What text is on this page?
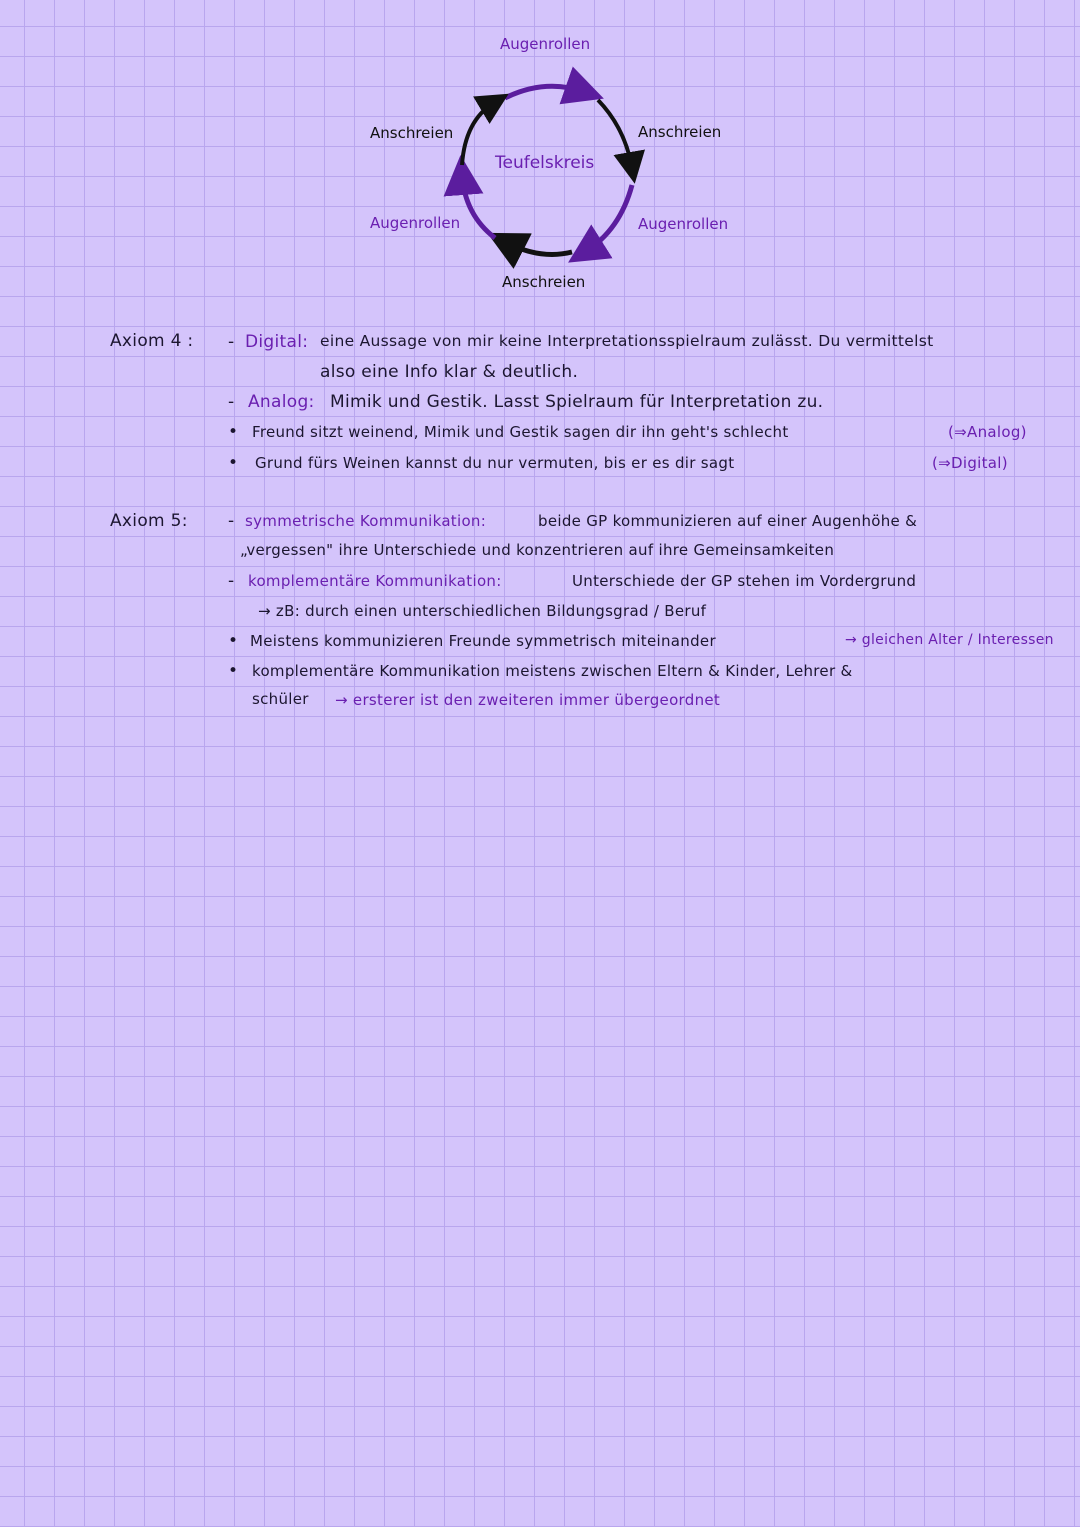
Augenrollen
Anschreien
Augenrollen
Anschreien
Augenrollen
Anschreien
Teufelskreis
Axiom 4 : - Digital: eine Aussage von mir keine Interpretationsspielraum zulässt. Du vermittelst
also eine Info klar & deutlich.
- Analog: Mimik und Gestik. Lasst Spielraum für Interpretation zu.
• Freund sitzt weinend, Mimik und Gestik sagen dir ihn geht's schlecht	(⇒Analog)
• Grund fürs Weinen kannst du nur vermuten, bis er es dir sagt	(⇒Digital)
Axiom 5: - symmetrische Kommunikation:	beide GP kommunizieren auf einer Augenhöhe &
„vergessen" ihre Unterschiede und konzentrieren auf ihre Gemeinsamkeiten
- komplementäre Kommunikation:	Unterschiede der GP stehen im Vordergrund
→ zB: durch einen unterschiedlichen Bildungsgrad / Beruf
• Meistens kommunizieren Freunde symmetrisch miteinander	→ gleichen Alter / Interessen
• komplementäre Kommunikation meistens zwischen Eltern & Kinder, Lehrer &
schüler → ersterer ist den zweiteren immer übergeordnet
